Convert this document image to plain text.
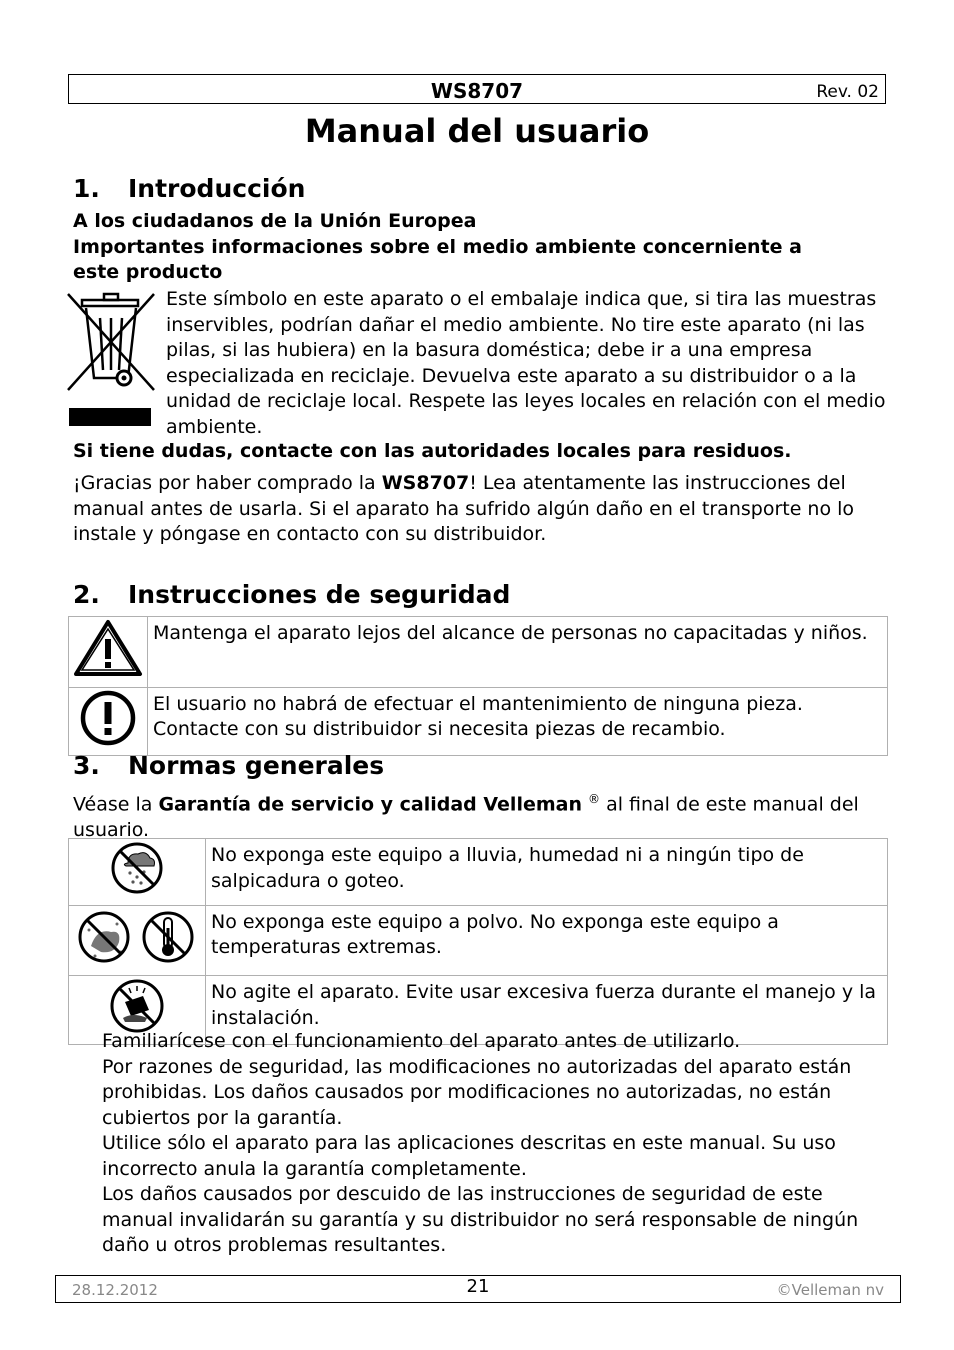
WS8707	Rev. 02
Manual del usuario
1. Introducción
A los ciudadanos de la Unión Europea
Importantes informaciones sobre el medio ambiente concerniente a
este producto
Este símbolo en este aparato o el embalaje indica que, si tira las muestras inservibles, podrían dañar el medio ambiente. No tire este aparato (ni las pilas, si las hubiera) en la basura doméstica; debe ir a una empresa especializada en reciclaje. Devuelva este aparato a su distribuidor o a la unidad de reciclaje local. Respete las leyes locales en relación con el medio ambiente.
Si tiene dudas, contacte con las autoridades locales para residuos.
¡Gracias por haber comprado la WS8707! Lea atentamente las instrucciones del manual antes de usarla. Si el aparato ha sufrido algún daño en el transporte no lo instale y póngase en contacto con su distribuidor.
2. Instrucciones de seguridad
	Mantenga el aparato lejos del alcance de personas no capacitadas y niños.
	El usuario no habrá de efectuar el mantenimiento de ninguna pieza. Contacte con su distribuidor si necesita piezas de recambio.
3. Normas generales
Véase la Garantía de servicio y calidad Velleman ® al final de este manual del usuario.
	No exponga este equipo a lluvia, humedad ni a ningún tipo de salpicadura o goteo.
	No exponga este equipo a polvo. No exponga este equipo a temperaturas extremas.
	No agite el aparato. Evite usar excesiva fuerza durante el manejo y la instalación.
Familiarícese con el funcionamiento del aparato antes de utilizarlo.
Por razones de seguridad, las modificaciones no autorizadas del aparato están prohibidas. Los daños causados por modificaciones no autorizadas, no están cubiertos por la garantía.
Utilice sólo el aparato para las aplicaciones descritas en este manual. Su uso incorrecto anula la garantía completamente.
Los daños causados por descuido de las instrucciones de seguridad de este manual invalidarán su garantía y su distribuidor no será responsable de ningún daño u otros problemas resultantes.
28.12.2012	21	©Velleman nv
